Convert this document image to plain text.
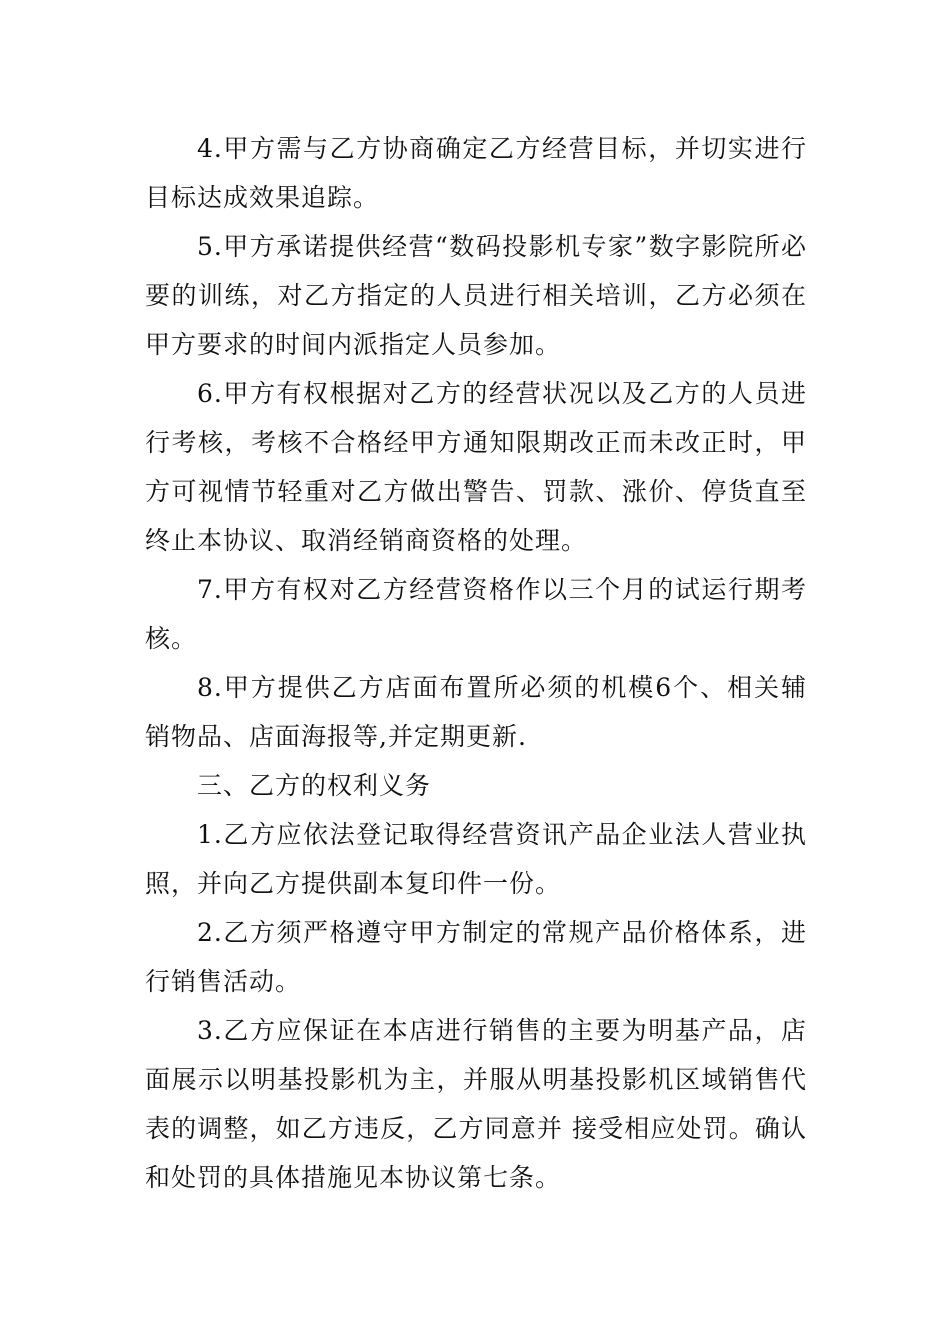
4.甲方需与乙方协商确定乙方经营目标，并切实进行目标达成效果追踪。

5.甲方承诺提供经营“数码投影机专家”数字影院所必要的训练，对乙方指定的人员进行相关培训，乙方必须在甲方要求的时间内派指定人员参加。

6.甲方有权根据对乙方的经营状况以及乙方的人员进行考核，考核不合格经甲方通知限期改正而未改正时，甲方可视情节轻重对乙方做出警告、罚款、涨价、停货直至终止本协议、取消经销商资格的处理。

7.甲方有权对乙方经营资格作以三个月的试运行期考核。

8.甲方提供乙方店面布置所必须的机模6个、相关辅销物品、店面海报等,并定期更新.

三、乙方的权利义务

1.乙方应依法登记取得经营资讯产品企业法人营业执照，并向乙方提供副本复印件一份。

2.乙方须严格遵守甲方制定的常规产品价格体系，进行销售活动。

3.乙方应保证在本店进行销售的主要为明基产品，店面展示以明基投影机为主，并服从明基投影机区域销售代表的调整，如乙方违反，乙方同意并 接受相应处罚。确认和处罚的具体措施见本协议第七条。
